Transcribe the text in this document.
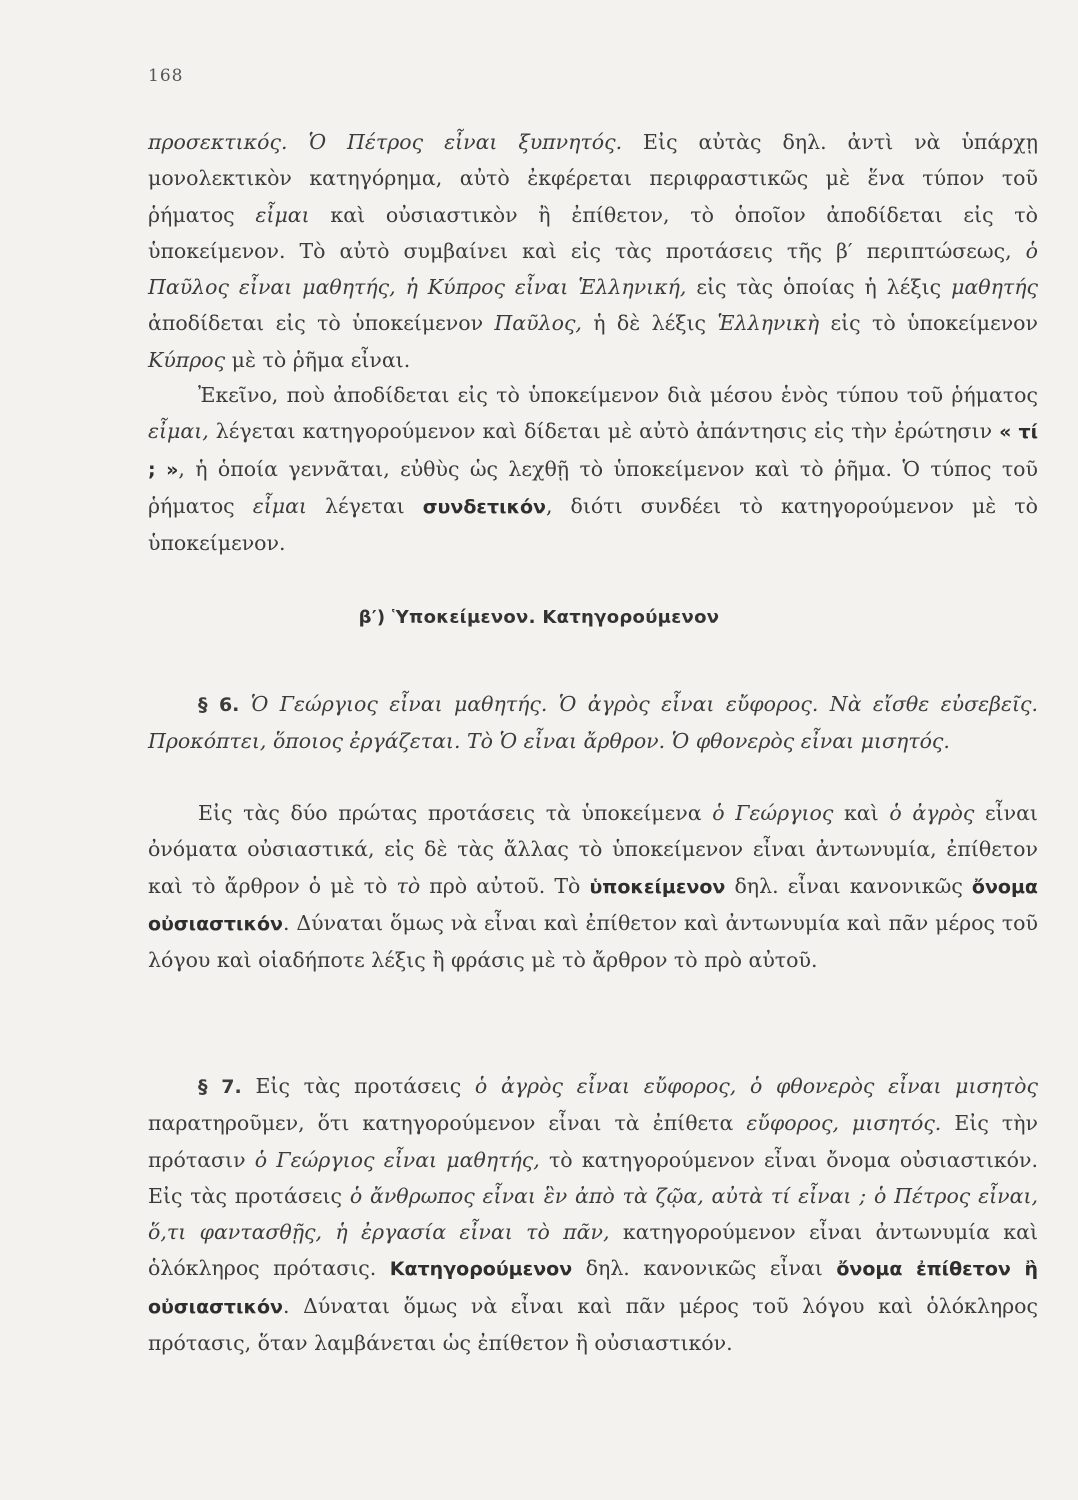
168

προσεκτικός. Ὁ Πέτρος εἶναι ξυπνητός. Εἰς αὐτὰς δηλ. ἀντὶ νὰ ὑπάρχῃ μονολεκτικὸν κατηγόρημα, αὐτὸ ἐκφέρεται περιφραστικῶς μὲ ἕνα τύπον τοῦ ῥήματος εἶμαι καὶ οὐσιαστικὸν ἢ ἐπίθετον, τὸ ὁποῖον ἀποδίδεται εἰς τὸ ὑποκείμενον. Τὸ αὐτὸ συμβαίνει καὶ εἰς τὰς προτάσεις τῆς β′ περιπτώσεως, ὁ Παῦλος εἶναι μαθητής, ἡ Κύπρος εἶναι Ἑλληνική, εἰς τὰς ὁποίας ἡ λέξις μαθητής ἀποδίδεται εἰς τὸ ὑποκείμενον Παῦλος, ἡ δὲ λέξις Ἑλληνικὴ εἰς τὸ ὑποκείμενον Κύπρος μὲ τὸ ῥῆμα εἶναι.

Ἐκεῖνο, ποὺ ἀποδίδεται εἰς τὸ ὑποκείμενον διὰ μέσου ἑνὸς τύπου τοῦ ῥήματος εἶμαι, λέγεται κατηγορούμενον καὶ δίδεται μὲ αὐτὸ ἀπάντησις εἰς τὴν ἐρώτησιν « τί ; », ἡ ὁποία γεννᾶται, εὐθὺς ὡς λεχθῇ τὸ ὑποκείμενον καὶ τὸ ῥῆμα. Ὁ τύπος τοῦ ῥήματος εἶμαι λέγεται συνδετικόν, διότι συνδέει τὸ κατηγορούμενον μὲ τὸ ὑποκείμενον.

β′) Ὑποκείμενον. Κατηγορούμενον

§ 6. Ὁ Γεώργιος εἶναι μαθητής. Ὁ ἀγρὸς εἶναι εὔφορος. Νὰ εἴσθε εὐσεβεῖς. Προκόπτει, ὅποιος ἐργάζεται. Τὸ Ὁ εἶναι ἄρθρον. Ὁ φθονερὸς εἶναι μισητός.

Εἰς τὰς δύο πρώτας προτάσεις τὰ ὑποκείμενα ὁ Γεώργιος καὶ ὁ ἀγρὸς εἶναι ὀνόματα οὐσιαστικά, εἰς δὲ τὰς ἄλλας τὸ ὑποκείμενον εἶναι ἀντωνυμία, ἐπίθετον καὶ τὸ ἄρθρον ὁ μὲ τὸ τὸ πρὸ αὐτοῦ. Τὸ ὑποκείμενον δηλ. εἶναι κανονικῶς ὄνομα οὐσιαστικόν. Δύναται ὅμως νὰ εἶναι καὶ ἐπίθετον καὶ ἀντωνυμία καὶ πᾶν μέρος τοῦ λόγου καὶ οἱαδήποτε λέξις ἢ φράσις μὲ τὸ ἄρθρον τὸ πρὸ αὐτοῦ.

§ 7. Εἰς τὰς προτάσεις ὁ ἀγρὸς εἶναι εὔφορος, ὁ φθονερὸς εἶναι μισητὸς παρατηροῦμεν, ὅτι κατηγορούμενον εἶναι τὰ ἐπίθετα εὔφορος, μισητός. Εἰς τὴν πρότασιν ὁ Γεώργιος εἶναι μαθητής, τὸ κατηγορούμενον εἶναι ὄνομα οὐσιαστικόν. Εἰς τὰς προτάσεις ὁ ἄνθρωπος εἶναι ἓν ἀπὸ τὰ ζῷα, αὐτὰ τί εἶναι ; ὁ Πέτρος εἶναι, ὅ,τι φαντασθῇς, ἡ ἐργασία εἶναι τὸ πᾶν, κατηγορούμενον εἶναι ἀντωνυμία καὶ ὁλόκληρος πρότασις. Κατηγορούμενον δηλ. κανονικῶς εἶναι ὄνομα ἐπίθετον ἢ οὐσιαστικόν. Δύναται ὅμως νὰ εἶναι καὶ πᾶν μέρος τοῦ λόγου καὶ ὁλόκληρος πρότασις, ὅταν λαμβάνεται ὡς ἐπίθετον ἢ οὐσιαστικόν.
